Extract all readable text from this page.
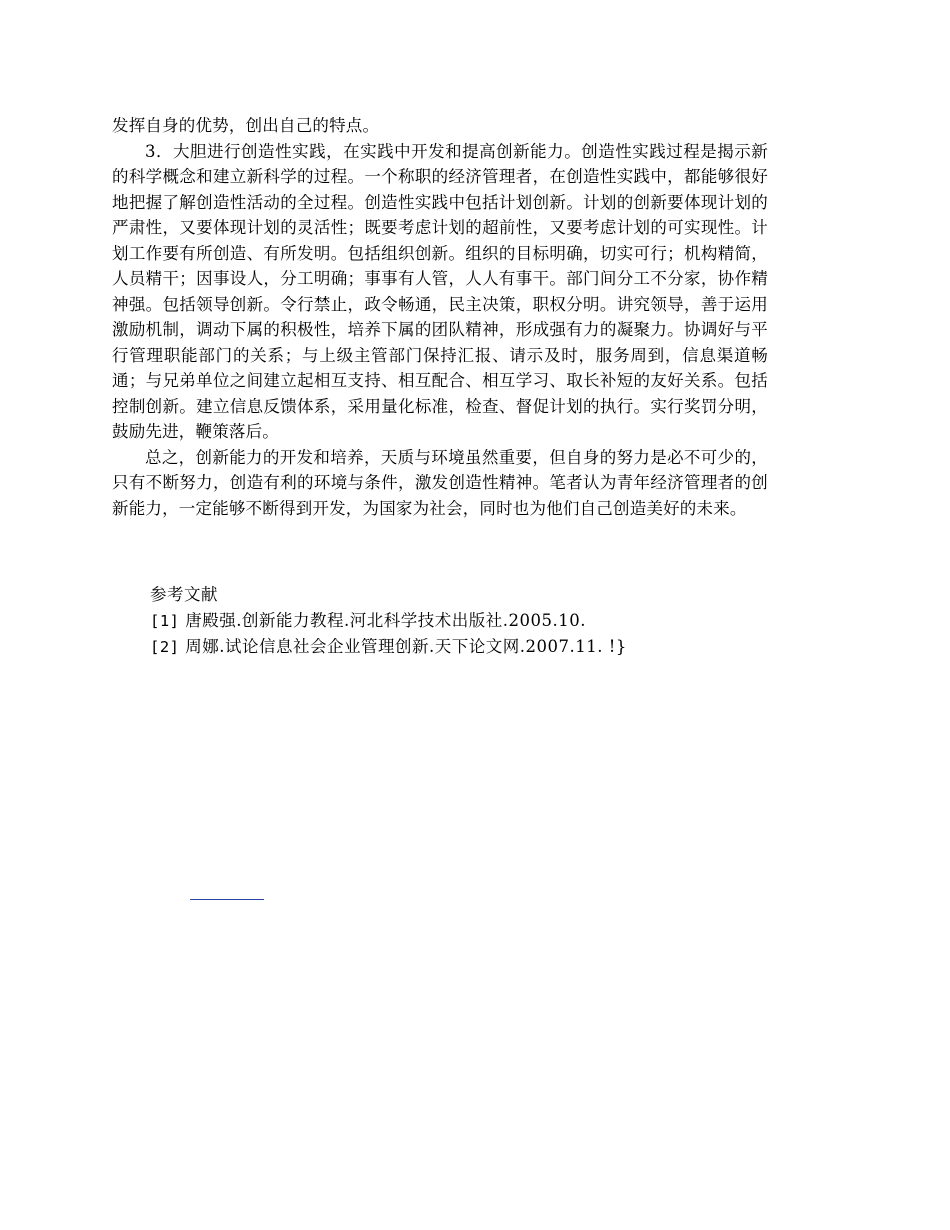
发挥自身的优势，创出自己的特点。

3．大胆进行创造性实践，在实践中开发和提高创新能力。创造性实践过程是揭示新的科学概念和建立新科学的过程。一个称职的经济管理者，在创造性实践中，都能够很好地把握了解创造性活动的全过程。创造性实践中包括计划创新。计划的创新要体现计划的严肃性，又要体现计划的灵活性；既要考虑计划的超前性，又要考虑计划的可实现性。计划工作要有所创造、有所发明。包括组织创新。组织的目标明确，切实可行；机构精简，人员精干；因事设人，分工明确；事事有人管，人人有事干。部门间分工不分家，协作精神强。包括领导创新。令行禁止，政令畅通，民主决策，职权分明。讲究领导，善于运用激励机制，调动下属的积极性，培养下属的团队精神，形成强有力的凝聚力。协调好与平行管理职能部门的关系；与上级主管部门保持汇报、请示及时，服务周到，信息渠道畅通；与兄弟单位之间建立起相互支持、相互配合、相互学习、取长补短的友好关系。包括控制创新。建立信息反馈体系，采用量化标准，检查、督促计划的执行。实行奖罚分明，鼓励先进，鞭策落后。

总之，创新能力的开发和培养，天质与环境虽然重要，但自身的努力是必不可少的，只有不断努力，创造有利的环境与条件，激发创造性精神。笔者认为青年经济管理者的创新能力，一定能够不断得到开发，为国家为社会，同时也为他们自己创造美好的未来。

参考文献

[1] 唐殿强.创新能力教程.河北科学技术出版社.2005.10.

[2] 周娜.试论信息社会企业管理创新.天下论文网.2007.11. !}
